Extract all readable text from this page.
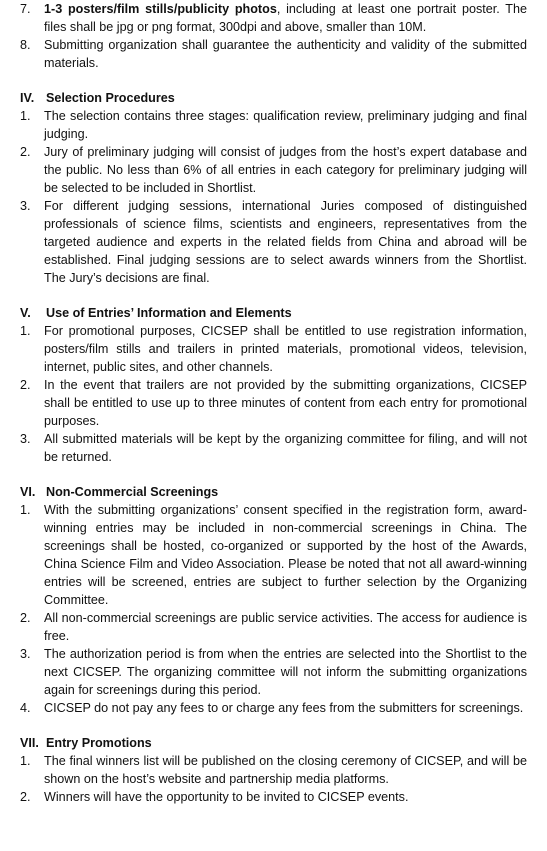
7.	1-3 posters/film stills/publicity photos, including at least one portrait poster. The files shall be jpg or png format, 300dpi and above, smaller than 10M.
8.	Submitting organization shall guarantee the authenticity and validity of the submitted materials.
IV. Selection Procedures
1.	The selection contains three stages: qualification review, preliminary judging and final judging.
2.	Jury of preliminary judging will consist of judges from the host’s expert database and the public. No less than 6% of all entries in each category for preliminary judging will be selected to be included in Shortlist.
3.	For different judging sessions, international Juries composed of distinguished professionals of science films, scientists and engineers, representatives from the targeted audience and experts in the related fields from China and abroad will be established. Final judging sessions are to select awards winners from the Shortlist. The Jury’s decisions are final.
V.	Use of Entries’ Information and Elements
1.	For promotional purposes, CICSEP shall be entitled to use registration information, posters/film stills and trailers in printed materials, promotional videos, television, internet, public sites, and other channels.
2.	In the event that trailers are not provided by the submitting organizations, CICSEP shall be entitled to use up to three minutes of content from each entry for promotional purposes.
3.	All submitted materials will be kept by the organizing committee for filing, and will not be returned.
VI. Non-Commercial Screenings
1.	With the submitting organizations’ consent specified in the registration form, award-winning entries may be included in non-commercial screenings in China. The screenings shall be hosted, co-organized or supported by the host of the Awards, China Science Film and Video Association. Please be noted that not all award-winning entries will be screened, entries are subject to further selection by the Organizing Committee.
2.	All non-commercial screenings are public service activities. The access for audience is free.
3.	The authorization period is from when the entries are selected into the Shortlist to the next CICSEP. The organizing committee will not inform the submitting organizations again for screenings during this period.
4.	CICSEP do not pay any fees to or charge any fees from the submitters for screenings.
VII. Entry Promotions
1.	The final winners list will be published on the closing ceremony of CICSEP, and will be shown on the host’s website and partnership media platforms.
2.	Winners will have the opportunity to be invited to CICSEP events.
